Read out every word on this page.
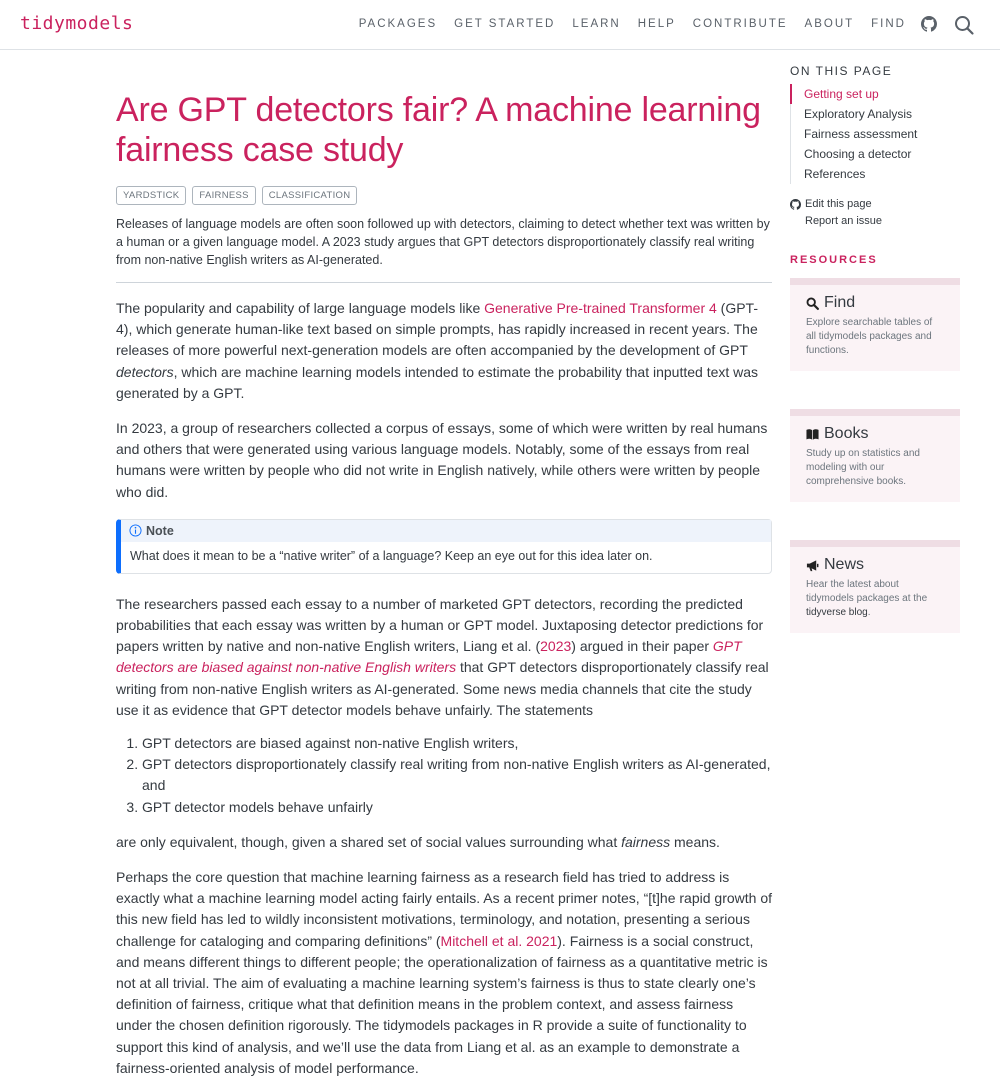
tidymodels	PACKAGES GET STARTED LEARN HELP CONTRIBUTE ABOUT FIND
Are GPT detectors fair? A machine learning fairness case study
YARDSTICK	FAIRNESS	CLASSIFICATION

Releases of language models are often soon followed up with detectors, claiming to detect whether text was written by a human or a given language model. A 2023 study argues that GPT detectors disproportionately classify real writing from non-native English writers as AI-generated.

The popularity and capability of large language models like Generative Pre-trained Transformer 4 (GPT-4), which generate human-like text based on simple prompts, has rapidly increased in recent years. The releases of more powerful next-generation models are often accompanied by the development of GPT detectors, which are machine learning models intended to estimate the probability that inputted text was generated by a GPT.

In 2023, a group of researchers collected a corpus of essays, some of which were written by real humans and others that were generated using various language models. Notably, some of the essays from real humans were written by people who did not write in English natively, while others were written by people who did.

Note
What does it mean to be a “native writer” of a language? Keep an eye out for this idea later on.

The researchers passed each essay to a number of marketed GPT detectors, recording the predicted probabilities that each essay was written by a human or GPT model. Juxtaposing detector predictions for papers written by native and non-native English writers, Liang et al. (2023) argued in their paper GPT detectors are biased against non-native English writers that GPT detectors disproportionately classify real writing from non-native English writers as AI-generated. Some news media channels that cite the study use it as evidence that GPT detector models behave unfairly. The statements

1. GPT detectors are biased against non-native English writers,
2. GPT detectors disproportionately classify real writing from non-native English writers as AI-generated, and
3. GPT detector models behave unfairly

are only equivalent, though, given a shared set of social values surrounding what fairness means.

Perhaps the core question that machine learning fairness as a research field has tried to address is exactly what a machine learning model acting fairly entails. As a recent primer notes, “[t]he rapid growth of this new field has led to wildly inconsistent motivations, terminology, and notation, presenting a serious challenge for cataloging and comparing definitions” (Mitchell et al. 2021). Fairness is a social construct, and means different things to different people; the operationalization of fairness as a quantitative metric is not at all trivial. The aim of evaluating a machine learning system’s fairness is thus to state clearly one’s definition of fairness, critique what that definition means in the problem context, and assess fairness under the chosen definition rigorously. The tidymodels packages in R provide a suite of functionality to support this kind of analysis, and we’ll use the data from Liang et al. as an example to demonstrate a fairness-oriented analysis of model performance.

ON THIS PAGE
Getting set up
Exploratory Analysis
Fairness assessment
Choosing a detector
References
Edit this page
Report an issue
RESOURCES
Find
Explore searchable tables of all tidymodels packages and functions.
Books
Study up on statistics and modeling with our comprehensive books.
News
Hear the latest about tidymodels packages at the tidyverse blog.
